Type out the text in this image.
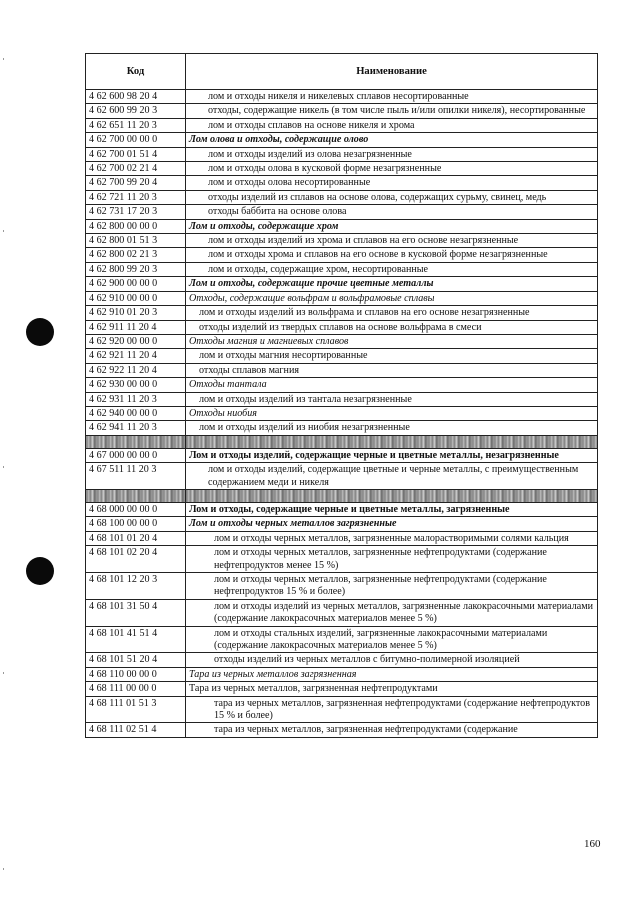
Код	Наименование
4 62 600 98 20 4	лом и отходы никеля и никелевых сплавов несортированные
4 62 600 99 20 3	отходы, содержащие никель (в том числе пыль и/или опилки никеля), несортированные
4 62 651 11 20 3	лом и отходы сплавов на основе никеля и хрома
4 62 700 00 00 0	Лом олова и отходы, содержащие олово
4 62 700 01 51 4	лом и отходы изделий из олова незагрязненные
4 62 700 02 21 4	лом и отходы олова в кусковой форме незагрязненные
4 62 700 99 20 4	лом и отходы олова несортированные
4 62 721 11 20 3	отходы изделий из сплавов на основе олова, содержащих сурьму, свинец, медь
4 62 731 17 20 3	отходы баббита на основе олова
4 62 800 00 00 0	Лом и отходы, содержащие хром
4 62 800 01 51 3	лом и отходы изделий из хрома и сплавов на его основе незагрязненные
4 62 800 02 21 3	лом и отходы хрома и сплавов на его основе в кусковой форме незагрязненные
4 62 800 99 20 3	лом и отходы, содержащие хром, несортированные
4 62 900 00 00 0	Лом и отходы, содержащие прочие цветные металлы
4 62 910 00 00 0	Отходы, содержащие вольфрам и вольфрамовые сплавы
4 62 910 01 20 3	лом и отходы изделий из вольфрама и сплавов на его основе незагрязненные
4 62 911 11 20 4	отходы изделий из твердых сплавов на основе вольфрама в смеси
4 62 920 00 00 0	Отходы магния и магниевых сплавов
4 62 921 11 20 4	лом и отходы магния несортированные
4 62 922 11 20 4	отходы сплавов магния
4 62 930 00 00 0	Отходы тантала
4 62 931 11 20 3	лом и отходы изделий из тантала незагрязненные
4 62 940 00 00 0	Отходы ниобия
4 62 941 11 20 3	лом и отходы изделий из ниобия незагрязненные

4 67 000 00 00 0	Лом и отходы изделий, содержащие черные и цветные металлы, незагрязненные
4 67 511 11 20 3	лом и отходы изделий, содержащие цветные и черные металлы, с преимущественным содержанием меди и никеля

4 68 000 00 00 0	Лом и отходы, содержащие черные и цветные металлы, загрязненные
4 68 100 00 00 0	Лом и отходы черных металлов загрязненные
4 68 101 01 20 4	лом и отходы черных металлов, загрязненные малорастворимыми солями кальция
4 68 101 02 20 4	лом и отходы черных металлов, загрязненные нефтепродуктами (содержание нефтепродуктов менее 15 %)
4 68 101 12 20 3	лом и отходы черных металлов, загрязненные нефтепродуктами (содержание нефтепродуктов 15 % и более)
4 68 101 31 50 4	лом и отходы изделий из черных металлов, загрязненные лакокрасочными материалами (содержание лакокрасочных материалов менее 5 %)
4 68 101 41 51 4	лом и отходы стальных изделий, загрязненные лакокрасочными материалами (содержание лакокрасочных материалов менее 5 %)
4 68 101 51 20 4	отходы изделий из черных металлов с битумно-полимерной изоляцией
4 68 110 00 00 0	Тара из черных металлов загрязненная
4 68 111 00 00 0	Тара из черных металлов, загрязненная нефтепродуктами
4 68 111 01 51 3	тара из черных металлов, загрязненная нефтепродуктами (содержание нефтепродуктов 15 % и более)
4 68 111 02 51 4	тара из черных металлов, загрязненная нефтепродуктами (содержание
160
